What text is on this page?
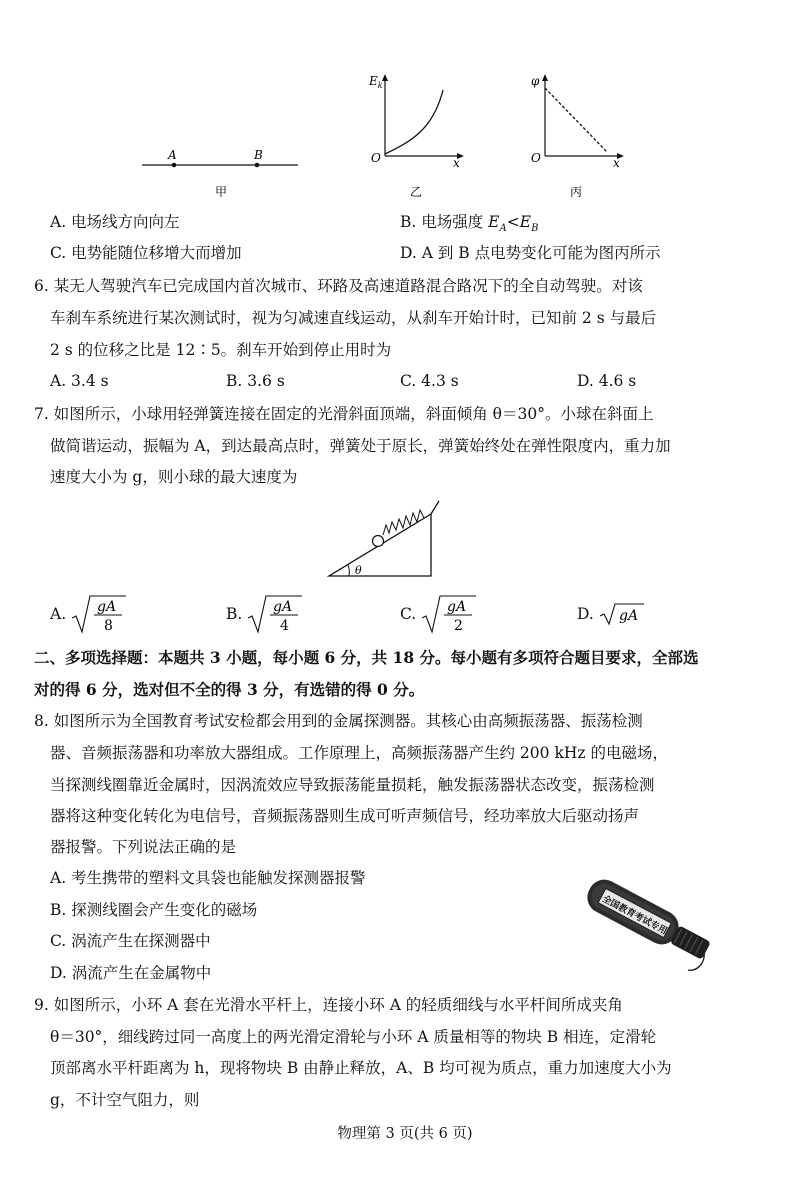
A	B
甲
$E_k$
O	x
乙
φ
O	x
丙
A. 电场线方向向左	B. 电场强度 $E_A<E_B$
C. 电势能随位移增大而增加	D. A 到 B 点电势变化可能为图丙所示
6. 某无人驾驶汽车已完成国内首次城市、环路及高速道路混合路况下的全自动驾驶。对该
车刹车系统进行某次测试时，视为匀减速直线运动，从刹车开始计时，已知前 2 s 与最后
2 s 的位移之比是 12∶5。刹车开始到停止用时为
A. 3.4 s	B. 3.6 s	C. 4.3 s	D. 4.6 s
7. 如图所示，小球用轻弹簧连接在固定的光滑斜面顶端，斜面倾角 θ＝30°。小球在斜面上
做简谐运动，振幅为 A，到达最高点时，弹簧处于原长，弹簧始终处在弹性限度内，重力加
速度大小为 g，则小球的最大速度为
θ
A. gA
8
B. gA
4
C. gA
2
D. gA
二、多项选择题：本题共 3 小题，每小题 6 分，共 18 分。每小题有多项符合题目要求，全部选
对的得 6 分，选对但不全的得 3 分，有选错的得 0 分。
8. 如图所示为全国教育考试安检都会用到的金属探测器。其核心由高频振荡器、振荡检测
器、音频振荡器和功率放大器组成。工作原理上，高频振荡器产生约 200 kHz 的电磁场，
当探测线圈靠近金属时，因涡流效应导致振荡能量损耗，触发振荡器状态改变，振荡检测
器将这种变化转化为电信号，音频振荡器则生成可听声频信号，经功率放大后驱动扬声
器报警。下列说法正确的是
A. 考生携带的塑料文具袋也能触发探测器报警
B. 探测线圈会产生变化的磁场
C. 涡流产生在探测器中
D. 涡流产生在金属物中
全国教育考试专用
9. 如图所示，小环 A 套在光滑水平杆上，连接小环 A 的轻质细线与水平杆间所成夹角
θ＝30°，细线跨过同一高度上的两光滑定滑轮与小环 A 质量相等的物块 B 相连，定滑轮
顶部离水平杆距离为 h，现将物块 B 由静止释放，A、B 均可视为质点，重力加速度大小为
g，不计空气阻力，则
物理第 3 页(共 6 页)
